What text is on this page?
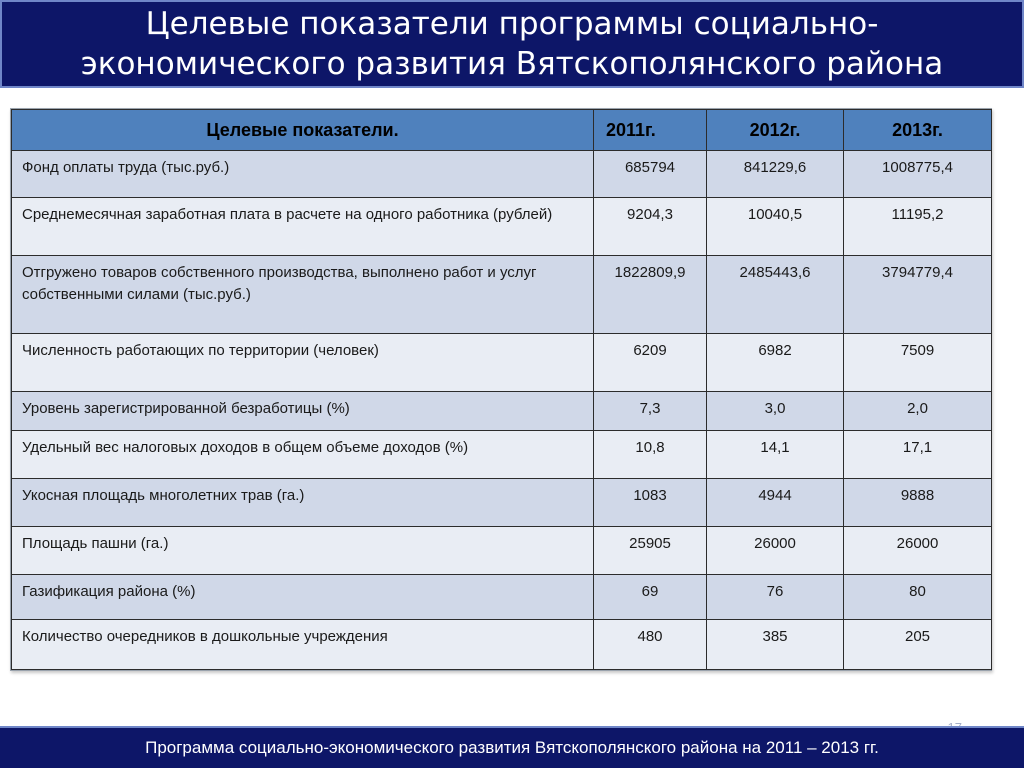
Целевые показатели программы социально-
экономического развития Вятскополянского района
Целевые показатели.	2011г.	2012г.	2013г.
Фонд оплаты труда (тыс.руб.)	685794	841229,6	1008775,4
Среднемесячная заработная плата в расчете на одного работника (рублей)	9204,3	10040,5	11195,2
Отгружено товаров собственного производства, выполнено работ и услуг собственными силами (тыс.руб.)	1822809,9	2485443,6	3794779,4
Численность работающих по территории (человек)	6209	6982	7509
Уровень зарегистрированной безработицы (%)	7,3	3,0	2,0
Удельный вес налоговых доходов в общем объеме доходов (%)	10,8	14,1	17,1
Укосная площадь многолетних трав (га.)	1083	4944	9888
Площадь пашни (га.)	25905	26000	26000
Газификация района (%)	69	76	80
Количество очередников в дошкольные учреждения	480	385	205
Программа социально-экономического развития Вятскополянского района на 2011 – 2013 гг.
